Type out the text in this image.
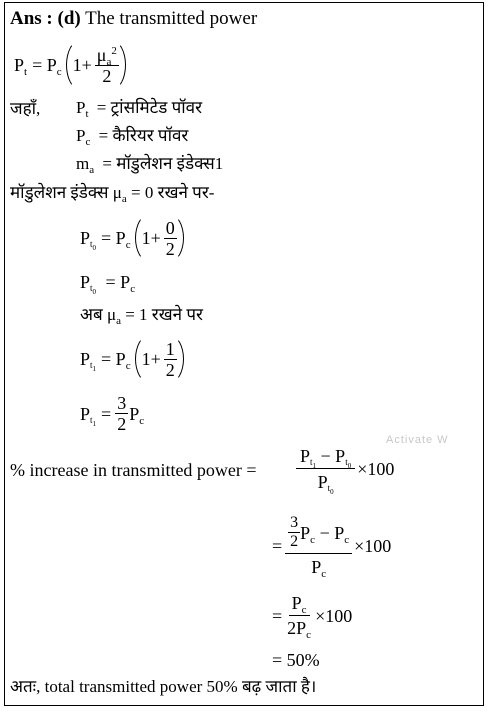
Ans : (d) The transmitted power
$P_t = P_c$ $1+ \frac{\mu_a^2}{2}$
जहाँ, $P_t$ = ट्रांसमिटेड पॉवर
$P_c$ = कैरियर पॉवर
$m_a$ = मॉडुलेशन इंडेक्स1
मॉडुलेशन इंडेक्स $\mu_a = 0$ रखने पर-
$Pt_0 = P_c$ $1+ \frac{0}{2}$
$Pt_0 = P_c$
अब $\mu_a = 1$ रखने पर
$Pt_1 = P_c$ $1+ \frac{1}{2}$
$Pt_1 = \frac{3}{2} P_c$
Activate W
% increase in transmitted power = $\frac{Pt_1 - Pt_0}{Pt_0} \times 100$
= $\frac{\frac{3}{2} P_c - P_c}{P_c} \times 100$
= $\frac{P_c}{2P_c} \times 100$
= 50%
अतः, total transmitted power 50% बढ़ जाता है।
